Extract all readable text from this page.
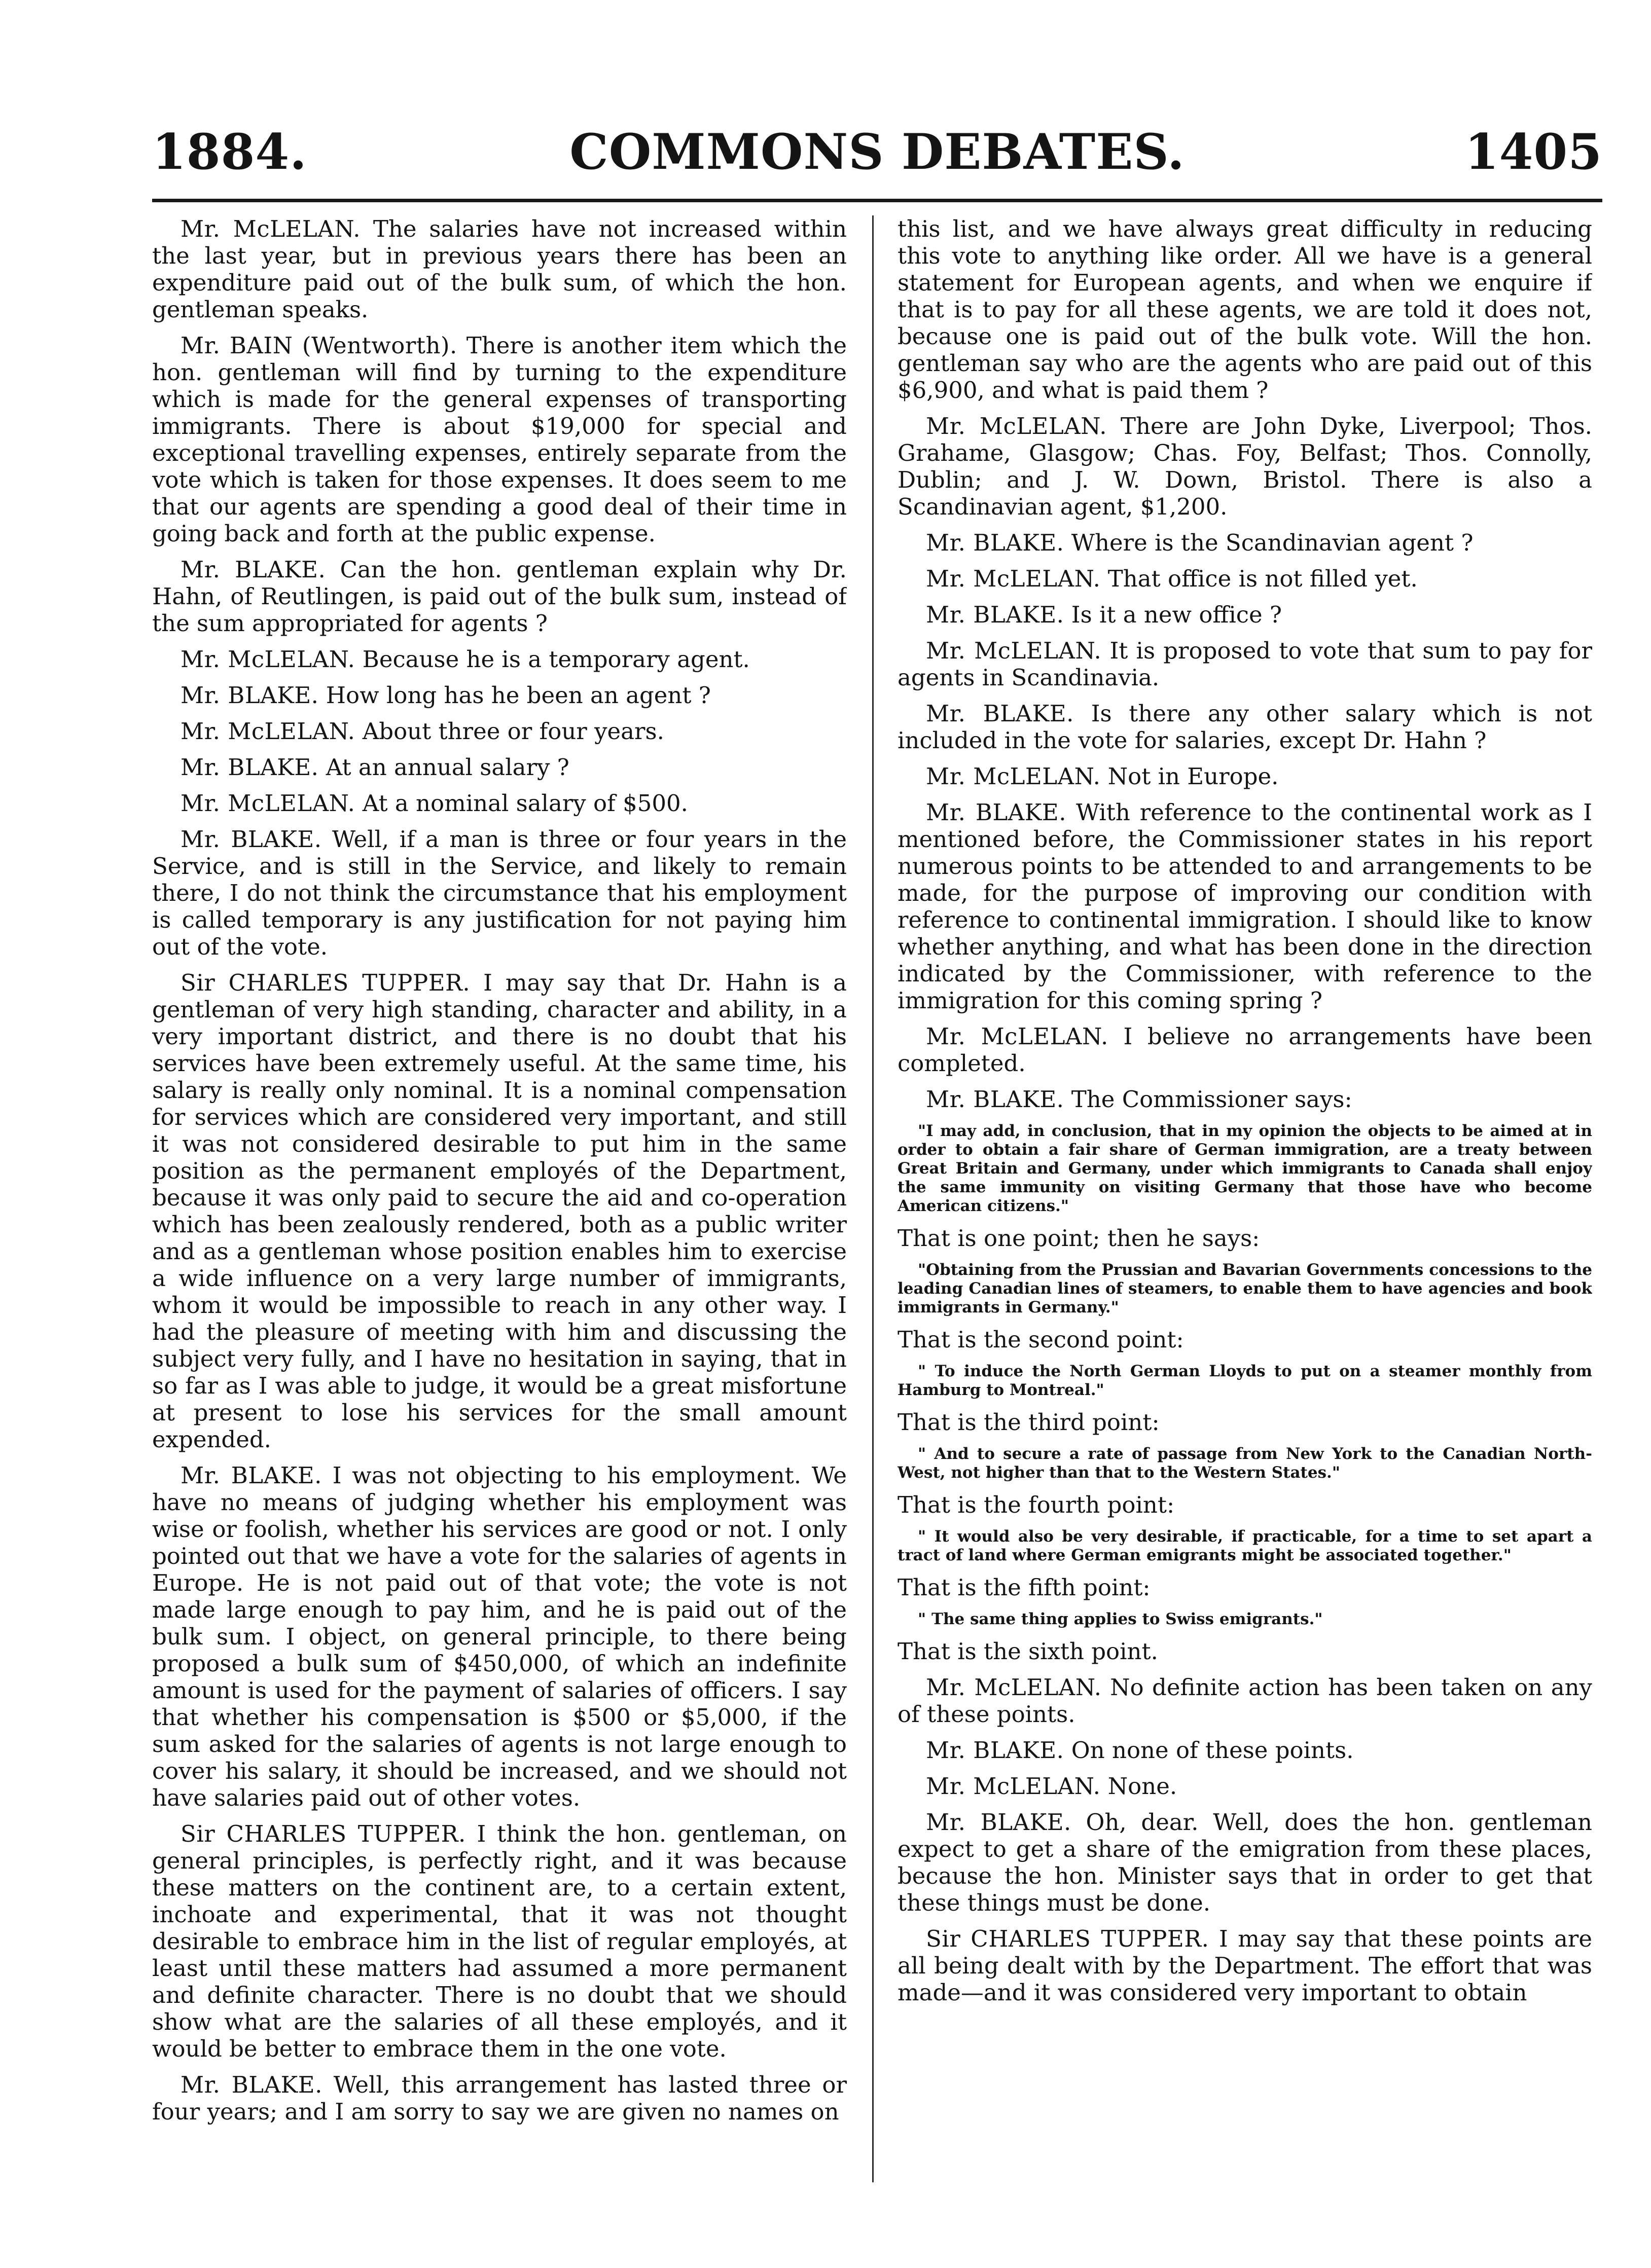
COMMONS DEBATES.
1884.	1405

Mr. McLELAN. The salaries have not increased within the last year, but in previous years there has been an expenditure paid out of the bulk sum, of which the hon. gentleman speaks.

Mr. BAIN (Wentworth). There is another item which the hon. gentleman will find by turning to the expenditure which is made for the general expenses of transporting immigrants. There is about $19,000 for special and exceptional travelling expenses, entirely separate from the vote which is taken for those expenses. It does seem to me that our agents are spending a good deal of their time in going back and forth at the public expense.

Mr. BLAKE. Can the hon. gentleman explain why Dr. Hahn, of Reutlingen, is paid out of the bulk sum, instead of the sum appropriated for agents ?

Mr. McLELAN. Because he is a temporary agent.

Mr. BLAKE. How long has he been an agent ?

Mr. McLELAN. About three or four years.

Mr. BLAKE. At an annual salary ?

Mr. McLELAN. At a nominal salary of $500.

Mr. BLAKE. Well, if a man is three or four years in the Service, and is still in the Service, and likely to remain there, I do not think the circumstance that his employment is called temporary is any justification for not paying him out of the vote.

Sir CHARLES TUPPER. I may say that Dr. Hahn is a gentleman of very high standing, character and ability, in a very important district, and there is no doubt that his services have been extremely useful. At the same time, his salary is really only nominal. It is a nominal compensation for services which are considered very important, and still it was not considered desirable to put him in the same position as the permanent employés of the Department, because it was only paid to secure the aid and co-operation which has been zealously rendered, both as a public writer and as a gentleman whose position enables him to exercise a wide influence on a very large number of immigrants, whom it would be impossible to reach in any other way. I had the pleasure of meeting with him and discussing the subject very fully, and I have no hesitation in saying, that in so far as I was able to judge, it would be a great misfortune at present to lose his services for the small amount expended.

Mr. BLAKE. I was not objecting to his employment. We have no means of judging whether his employment was wise or foolish, whether his services are good or not. I only pointed out that we have a vote for the salaries of agents in Europe. He is not paid out of that vote; the vote is not made large enough to pay him, and he is paid out of the bulk sum. I object, on general principle, to there being proposed a bulk sum of $450,000, of which an indefinite amount is used for the payment of salaries of officers. I say that whether his compensation is $500 or $5,000, if the sum asked for the salaries of agents is not large enough to cover his salary, it should be increased, and we should not have salaries paid out of other votes.

Sir CHARLES TUPPER. I think the hon. gentleman, on general principles, is perfectly right, and it was because these matters on the continent are, to a certain extent, inchoate and experimental, that it was not thought desirable to embrace him in the list of regular employés, at least until these matters had assumed a more permanent and definite character. There is no doubt that we should show what are the salaries of all these employés, and it would be better to embrace them in the one vote.

Mr. BLAKE. Well, this arrangement has lasted three or four years; and I am sorry to say we are given no names on

this list, and we have always great difficulty in reducing this vote to anything like order. All we have is a general statement for European agents, and when we enquire if that is to pay for all these agents, we are told it does not, because one is paid out of the bulk vote. Will the hon. gentleman say who are the agents who are paid out of this $6,900, and what is paid them ?

Mr. McLELAN. There are John Dyke, Liverpool; Thos. Grahame, Glasgow; Chas. Foy, Belfast; Thos. Connolly, Dublin; and J. W. Down, Bristol. There is also a Scandinavian agent, $1,200.

Mr. BLAKE. Where is the Scandinavian agent ?

Mr. McLELAN. That office is not filled yet.

Mr. BLAKE. Is it a new office ?

Mr. McLELAN. It is proposed to vote that sum to pay for agents in Scandinavia.

Mr. BLAKE. Is there any other salary which is not included in the vote for salaries, except Dr. Hahn ?

Mr. McLELAN. Not in Europe.

Mr. BLAKE. With reference to the continental work as I mentioned before, the Commissioner states in his report numerous points to be attended to and arrangements to be made, for the purpose of improving our condition with reference to continental immigration. I should like to know whether anything, and what has been done in the direction indicated by the Commissioner, with reference to the immigration for this coming spring ?

Mr. McLELAN. I believe no arrangements have been completed.

Mr. BLAKE. The Commissioner says:

"I may add, in conclusion, that in my opinion the objects to be aimed at in order to obtain a fair share of German immigration, are a treaty between Great Britain and Germany, under which immigrants to Canada shall enjoy the same immunity on visiting Germany that those have who become American citizens."

That is one point; then he says:

"Obtaining from the Prussian and Bavarian Governments concessions to the leading Canadian lines of steamers, to enable them to have agencies and book immigrants in Germany."

That is the second point:

" To induce the North German Lloyds to put on a steamer monthly from Hamburg to Montreal."

That is the third point:

" And to secure a rate of passage from New York to the Canadian North-West, not higher than that to the Western States."

That is the fourth point:

" It would also be very desirable, if practicable, for a time to set apart a tract of land where German emigrants might be associated together."

That is the fifth point:

" The same thing applies to Swiss emigrants."

That is the sixth point.

Mr. McLELAN. No definite action has been taken on any of these points.

Mr. BLAKE. On none of these points.

Mr. McLELAN. None.

Mr. BLAKE. Oh, dear. Well, does the hon. gentleman expect to get a share of the emigration from these places, because the hon. Minister says that in order to get that these things must be done.

Sir CHARLES TUPPER. I may say that these points are all being dealt with by the Department. The effort that was made—and it was considered very important to obtain
